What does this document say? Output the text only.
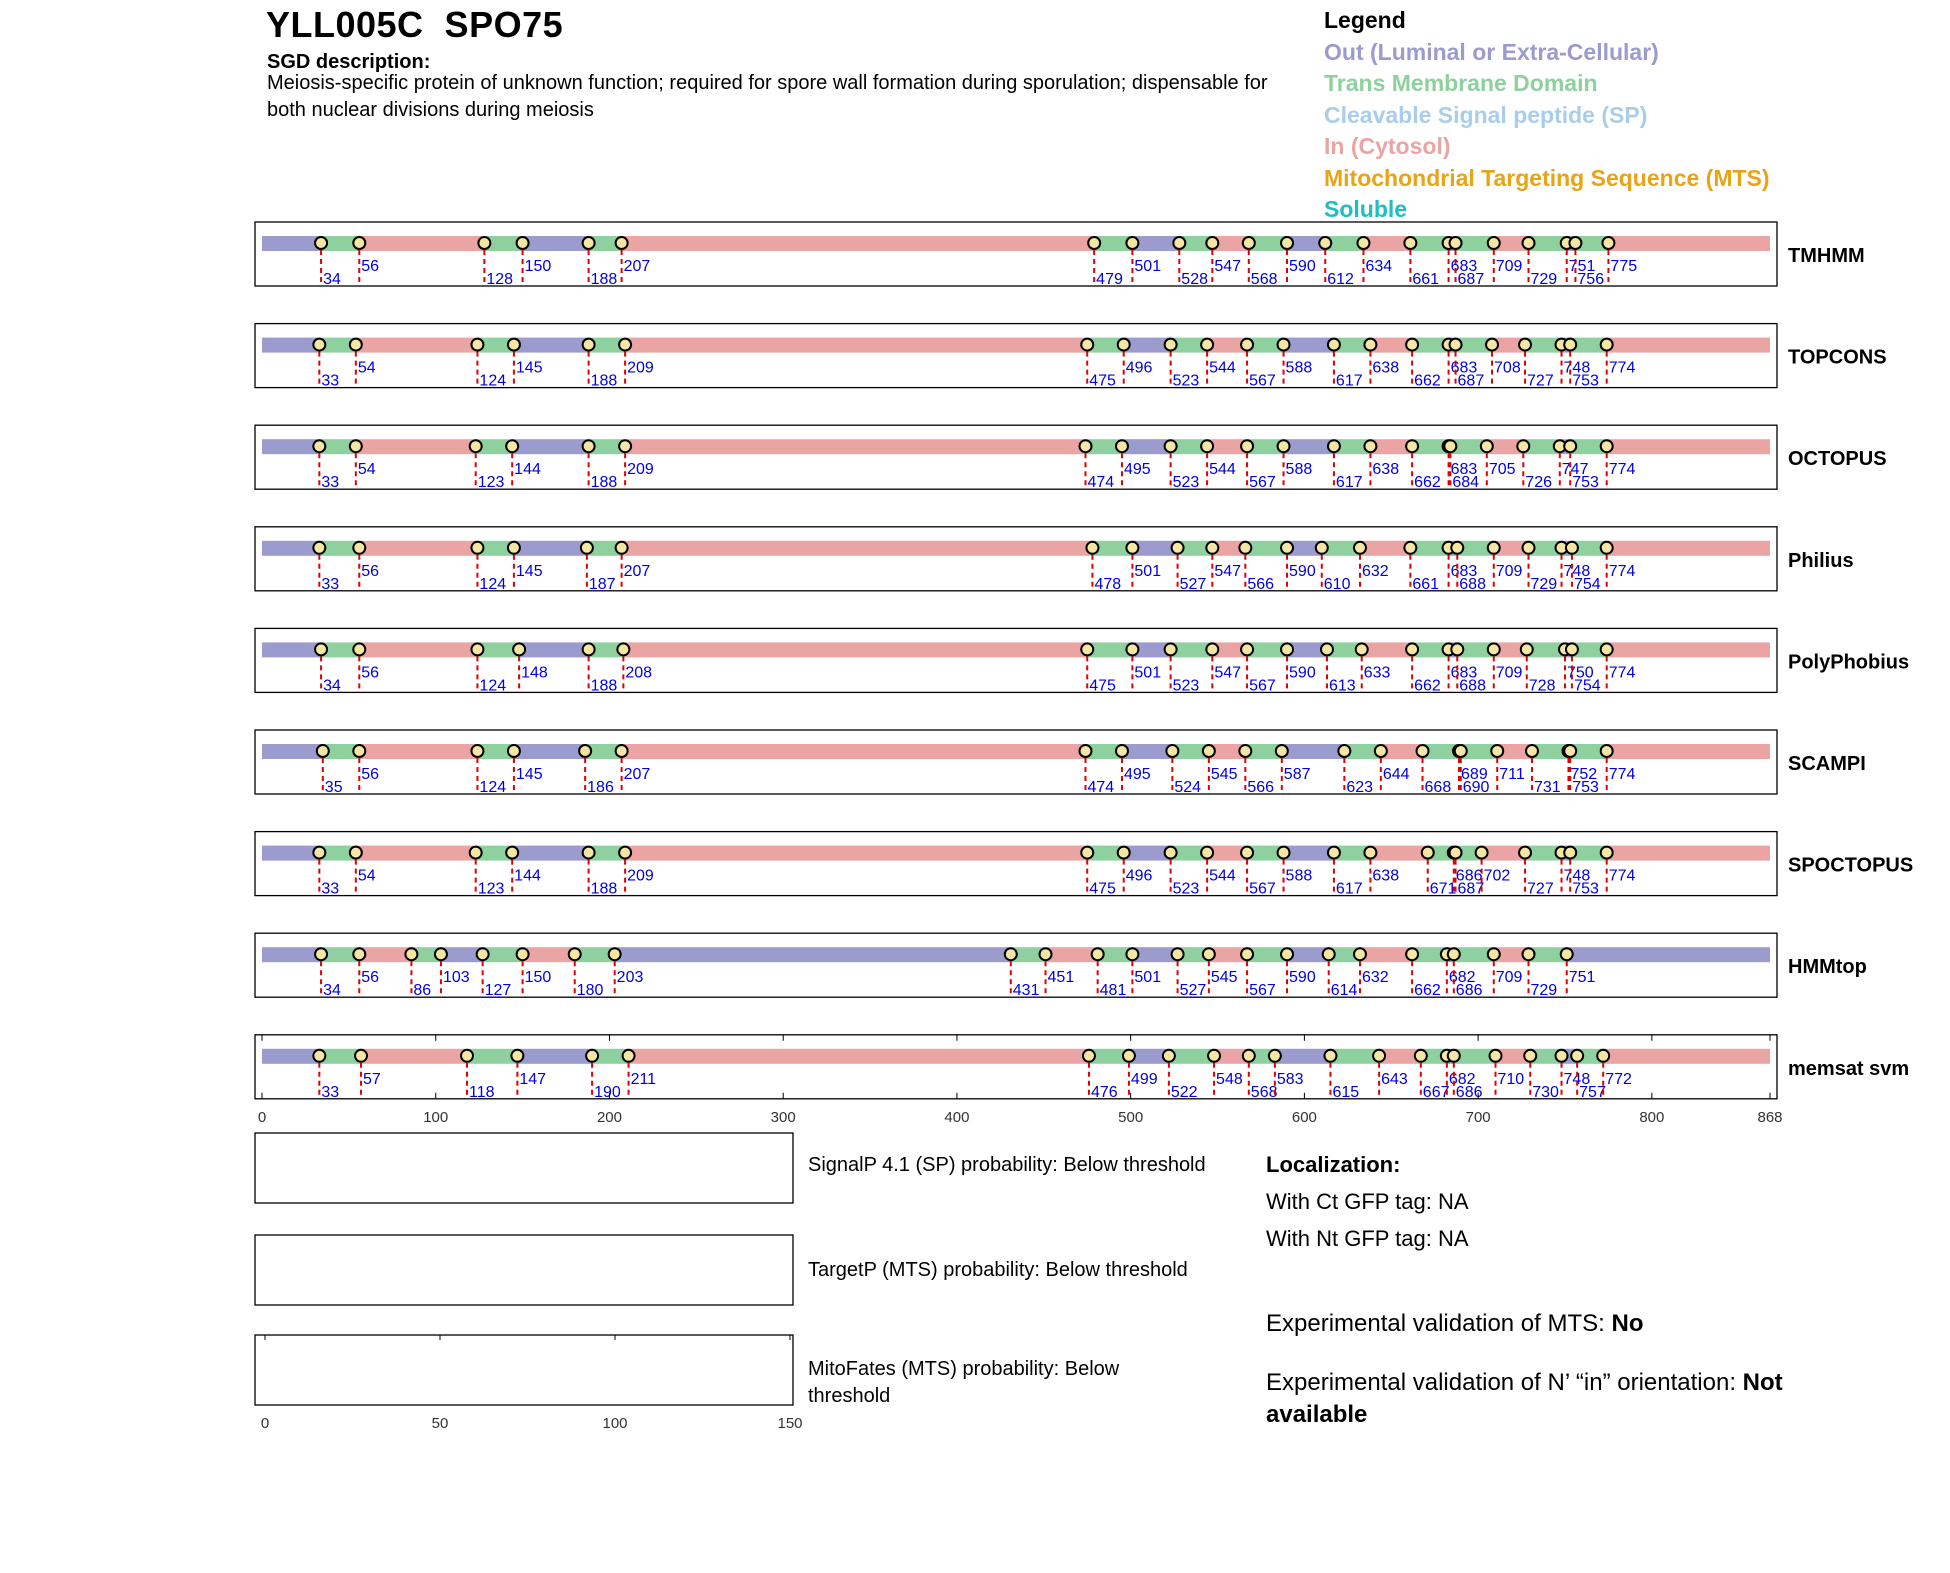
YLL005C  SPO75
SGD description:
Meiosis-specific protein of unknown function; required for spore wall formation during sporulation; dispensable for both nuclear divisions during meiosis
Legend
Out (Luminal or Extra-Cellular)
Trans Membrane Domain
Cleavable Signal peptide (SP)
In (Cytosol)
Mitochondrial Targeting Sequence (MTS)
Soluble
34
56
128
150
188
207
479
501
528
547
568
590
612
634
661
683
687
709
729
751
756
775	TMHMM
33
54
124
145
188
209
475
496
523
544
567
588
617
638
662
683
687
708
727
748
753
774	TOPCONS
33
54
123
144
188
209
474
495
523
544
567
588
617
638
662
683
684
705
726
747
753
774	OCTOPUS
33
56
124
145
187
207
478
501
527
547
566
590
610
632
661
683
688
709
729
748
754
774	Philius
34
56
124
148
188
208
475
501
523
547
567
590
613
633
662
683
688
709
728
750
754
774	PolyPhobius
35
56
124
145
186
207
474
495
524
545
566
587
623
644
668
689
690
711
731
752
753
774	SCAMPI
33
54
123
144
188
209
475
496
523
544
567
588
617
638
671
686
687
702
727
748
753
774	SPOCTOPUS
34
56
86
103
127
150
180
203
431
451
481
501
527
545
567
590
614
632
662
682
686
709
729
751	HMMtop
33
57
118
147
190
211
476
499
522
548
568
583
615
643
667
682
686
710
730
748
757
772	memsat svm
0	100	200	300	400	500	600	700	800	868
0	50	100	150
SignalP 4.1 (SP) probability: Below threshold
TargetP (MTS) probability: Below threshold
MitoFates (MTS) probability: Below threshold
Localization:
With Ct GFP tag: NA
With Nt GFP tag: NA
Experimental validation of MTS: No
Experimental validation of N’ “in” orientation: Not available
